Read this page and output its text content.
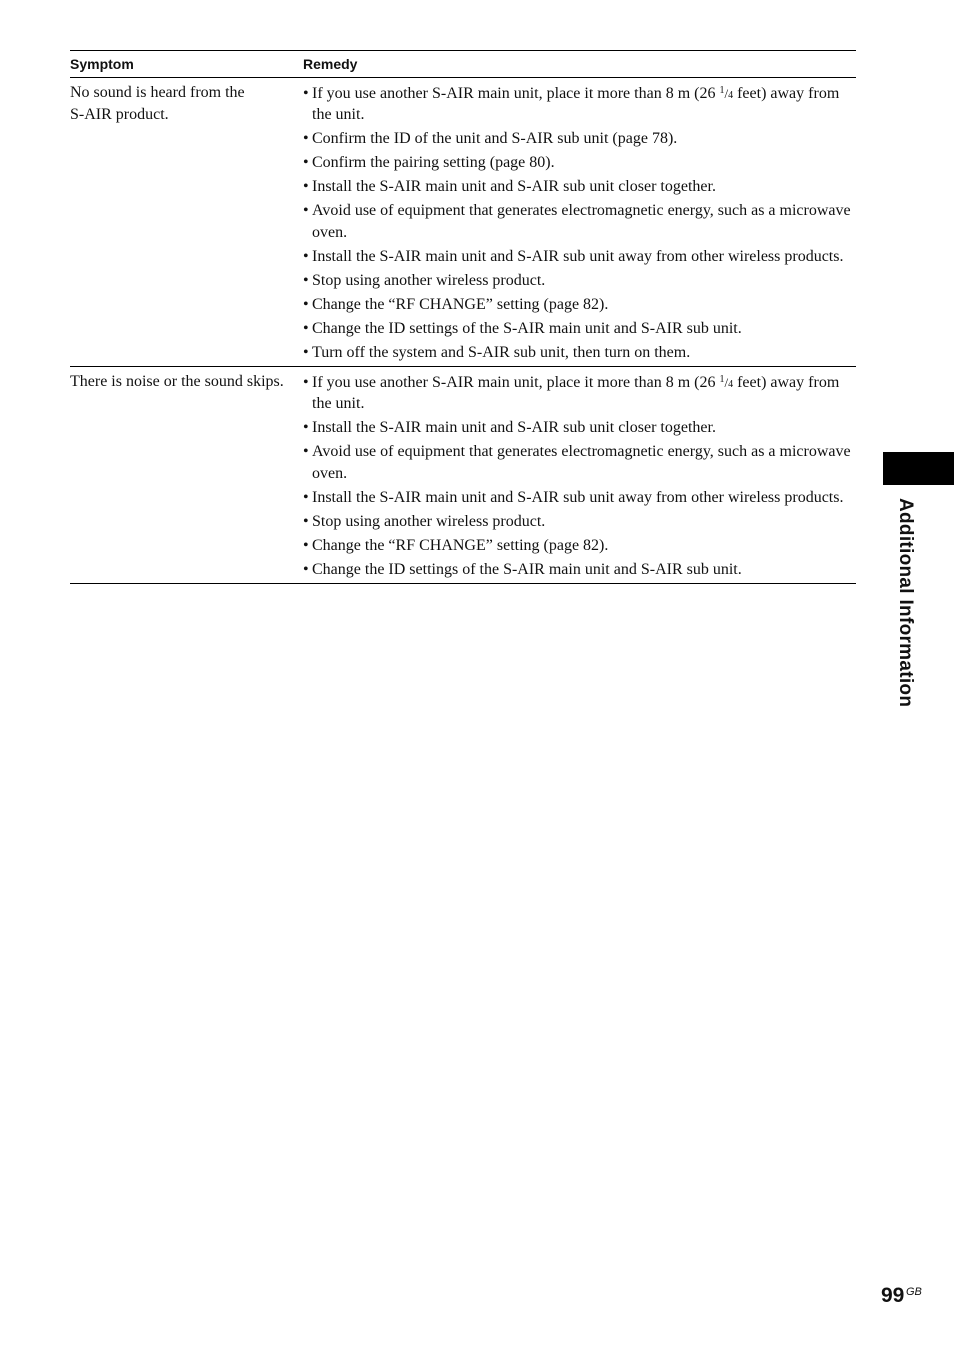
Symptom	Remedy
No sound is heard from the
S-AIR product.
• If you use another S-AIR main unit, place it more than 8 m (26 $^1$/4 feet) away from the unit.
• Confirm the ID of the unit and S-AIR sub unit (page 78).
• Confirm the pairing setting (page 80).
• Install the S-AIR main unit and S-AIR sub unit closer together.
• Avoid use of equipment that generates electromagnetic energy, such as a microwave oven.
• Install the S-AIR main unit and S-AIR sub unit away from other wireless products.
• Stop using another wireless product.
• Change the “RF CHANGE” setting (page 82).
• Change the ID settings of the S-AIR main unit and S-AIR sub unit.
• Turn off the system and S-AIR sub unit, then turn on them.
There is noise or the sound skips.
•	If you use another S-AIR main unit, place it more than 8 m (26 $^1$/4 feet) away from the unit.
• Install the S-AIR main unit and S-AIR sub unit closer together.
• Avoid use of equipment that generates electromagnetic energy, such as a microwave oven.
• Install the S-AIR main unit and S-AIR sub unit away from other wireless products.
• Stop using another wireless product.
• Change the “RF CHANGE” setting (page 82).
• Change the ID settings of the S-AIR main unit and S-AIR sub unit.	Additional Information
99 GB
